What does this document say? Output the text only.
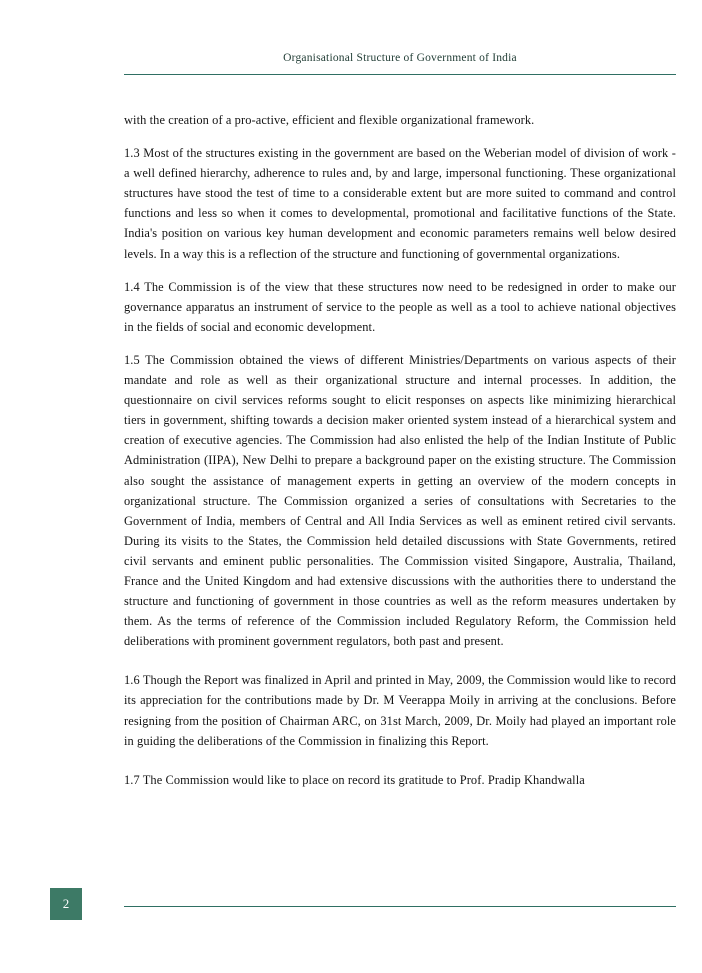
Organisational Structure of Government of India

with the creation of a pro-active, efficient and flexible organizational framework.

1.3 Most of the structures existing in the government are based on the Weberian model of division of work - a well defined hierarchy, adherence to rules and, by and large, impersonal functioning. These organizational structures have stood the test of time to a considerable extent but are more suited to command and control functions and less so when it comes to developmental, promotional and facilitative functions of the State. India's position on various key human development and economic parameters remains well below desired levels. In a way this is a reflection of the structure and functioning of governmental organizations.

1.4 The Commission is of the view that these structures now need to be redesigned in order to make our governance apparatus an instrument of service to the people as well as a tool to achieve national objectives in the fields of social and economic development.

1.5 The Commission obtained the views of different Ministries/Departments on various aspects of their mandate and role as well as their organizational structure and internal processes. In addition, the questionnaire on civil services reforms sought to elicit responses on aspects like minimizing hierarchical tiers in government, shifting towards a decision maker oriented system instead of a hierarchical system and creation of executive agencies. The Commission had also enlisted the help of the Indian Institute of Public Administration (IIPA), New Delhi to prepare a background paper on the existing structure. The Commission also sought the assistance of management experts in getting an overview of the modern concepts in organizational structure. The Commission organized a series of consultations with Secretaries to the Government of India, members of Central and All India Services as well as eminent retired civil servants. During its visits to the States, the Commission held detailed discussions with State Governments, retired civil servants and eminent public personalities. The Commission visited Singapore, Australia, Thailand, France and the United Kingdom and had extensive discussions with the authorities there to understand the structure and functioning of government in those countries as well as the reform measures undertaken by them. As the terms of reference of the Commission included Regulatory Reform, the Commission held deliberations with prominent government regulators, both past and present.

1.6 Though the Report was finalized in April and printed in May, 2009, the Commission would like to record its appreciation for the contributions made by Dr. M Veerappa Moily in arriving at the conclusions. Before resigning from the position of Chairman ARC, on 31st March, 2009, Dr. Moily had played an important role in guiding the deliberations of the Commission in finalizing this Report.

1.7 The Commission would like to place on record its gratitude to Prof. Pradip Khandwalla

2
